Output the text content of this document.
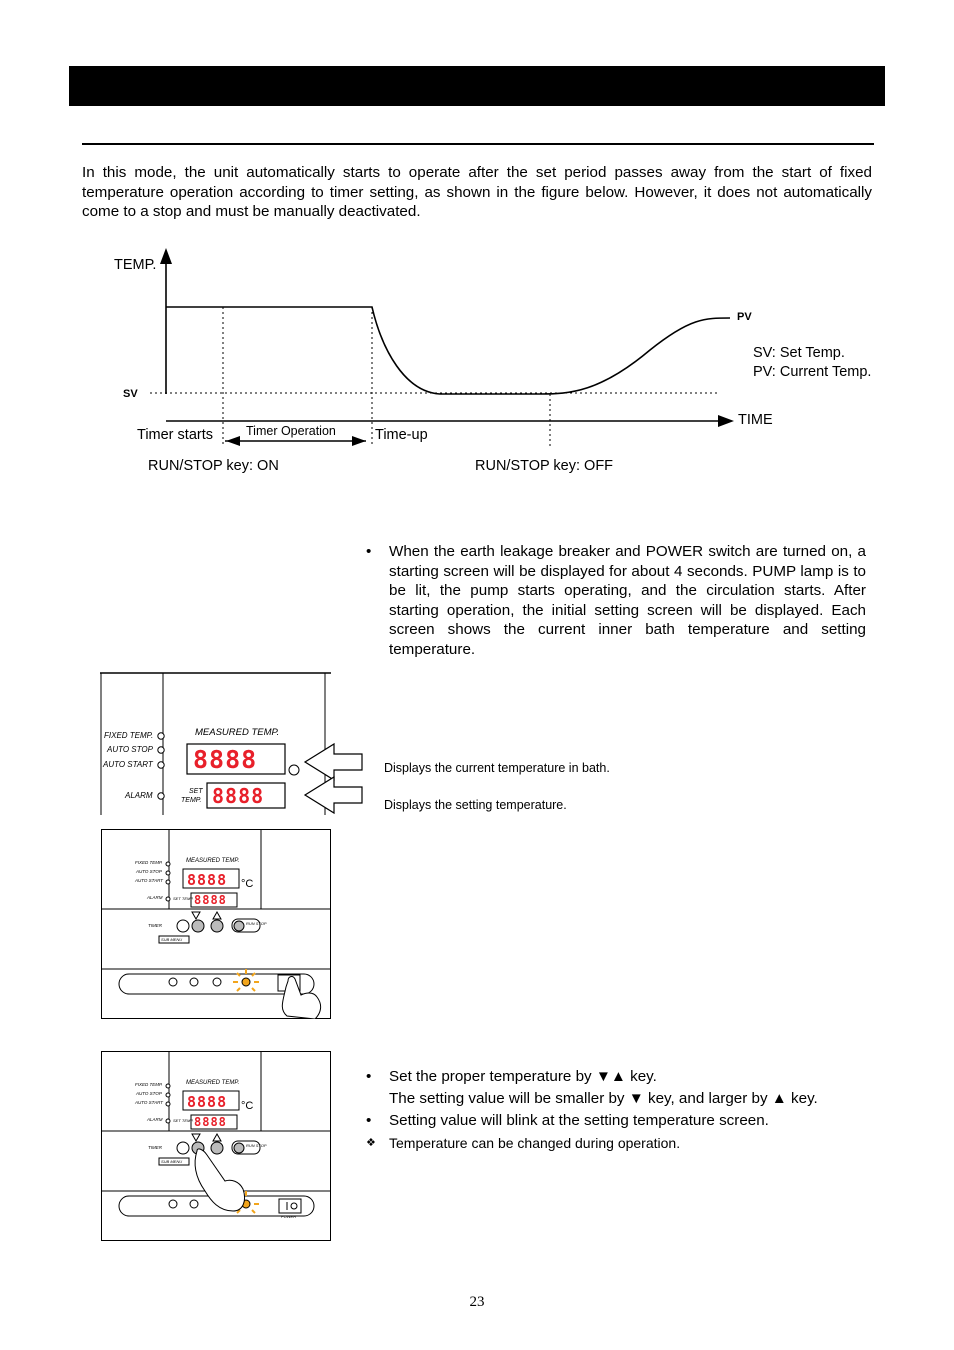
In this mode, the unit automatically starts to operate after the set period passes away from the start of fixed temperature operation according to timer setting, as shown in the figure below. However, it does not automatically come to a stop and must be manually deactivated.

TEMP.
TIME
SV
PV
SV: Set Temp.
PV: Current Temp.
Timer starts	Timer Operation	Time-up
RUN/STOP key: ON	RUN/STOP key: OFF
• When the earth leakage breaker and POWER switch are turned on, a starting screen will be displayed for about 4 seconds. PUMP lamp is to be lit, the pump starts operating, and the circulation starts. After starting operation, the initial setting screen will be displayed. Each screen shows the current inner bath temperature and setting temperature.
FIXED TEMP.
AUTO STOP
AUTO START
ALARM
MEASURED TEMP.
SET
TEMP.
8888
8888
Displays the current temperature in bath.
Displays the setting temperature.
8888
8888
°C
FIXED TEMP.
AUTO STOP
AUTO START
ALARM
MEASURED TEMP.
SET TEMP.
TIMER
SUB MENU
RUN STOP
8888
8888
°C
FIXED TEMP.
AUTO STOP
AUTO START
ALARM
MEASURED TEMP.
SET TEMP.
TIMER
SUB MENU
RUN STOP
POWER
• Set the proper temperature by ▼▲ key.
The setting value will be smaller by ▼ key, and larger by ▲ key.
• Setting value will blink at the setting temperature screen.
❖ Temperature can be changed during operation.
23
